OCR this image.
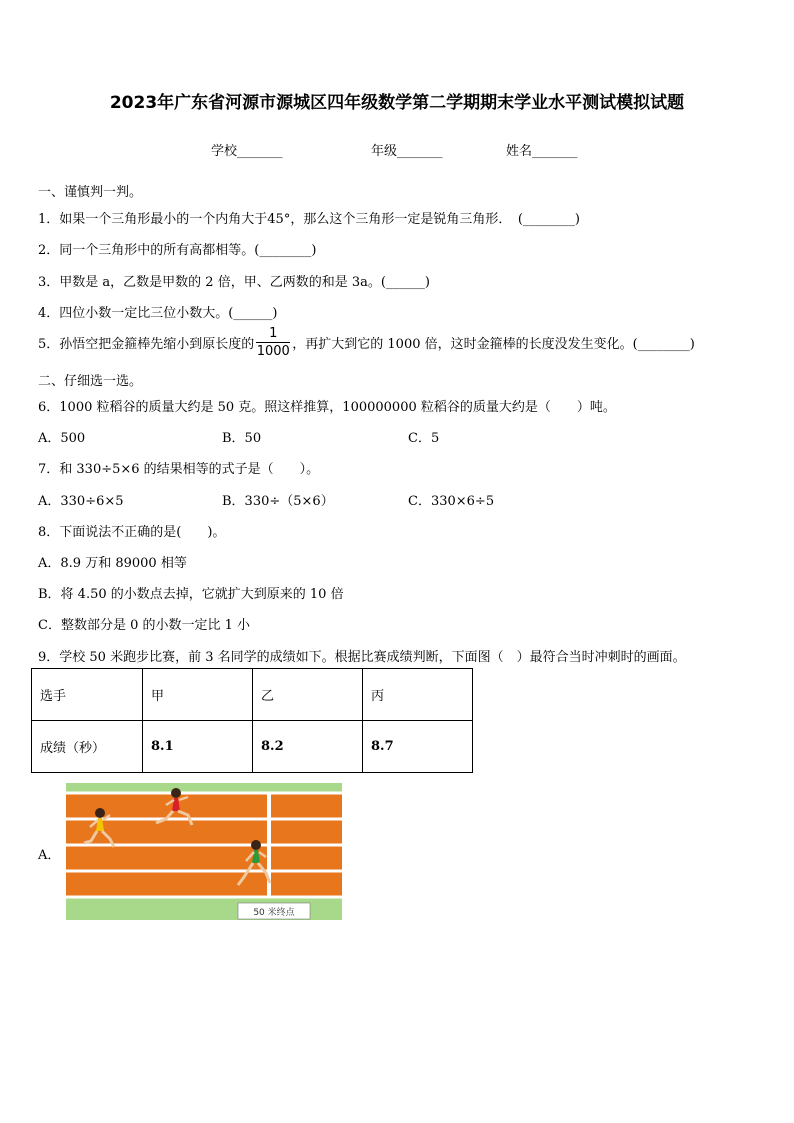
2023年广东省河源市源城区四年级数学第二学期期末学业水平测试模拟试题
学校_______	年级_______	姓名_______
一、谨慎判一判。
1．如果一个三角形最小的一个内角大于45°，那么这个三角形一定是锐角三角形．　(________)
2．同一个三角形中的所有高都相等。(________)
3．甲数是 a，乙数是甲数的 2 倍，甲、乙两数的和是 3a。(______)
4．四位小数一定比三位小数大。(______)
5．孙悟空把金箍棒先缩小到原长度的 $\frac{1}{1000}$ ，再扩大到它的 1000 倍，这时金箍棒的长度没发生变化。(________)
二、仔细选一选。
6．1000 粒稻谷的质量大约是 50 克。照这样推算，100000000 粒稻谷的质量大约是（　　）吨。
A．500	B．50	C．5
7．和 330÷5×6 的结果相等的式子是（　　）。
A．330÷6×5	B．330÷（5×6）	C．330×6÷5
8．下面说法不正确的是(　　)。
A．8.9 万和 89000 相等
B．将 4.50 的小数点去掉，它就扩大到原来的 10 倍
C．整数部分是 0 的小数一定比 1 小
9．学校 50 米跑步比赛，前 3 名同学的成绩如下。根据比赛成绩判断，下面图（　）最符合当时冲刺时的画面。
选手	甲	乙	丙
成绩（秒）	8.1	8.2	8.7
A．
50 米终点
